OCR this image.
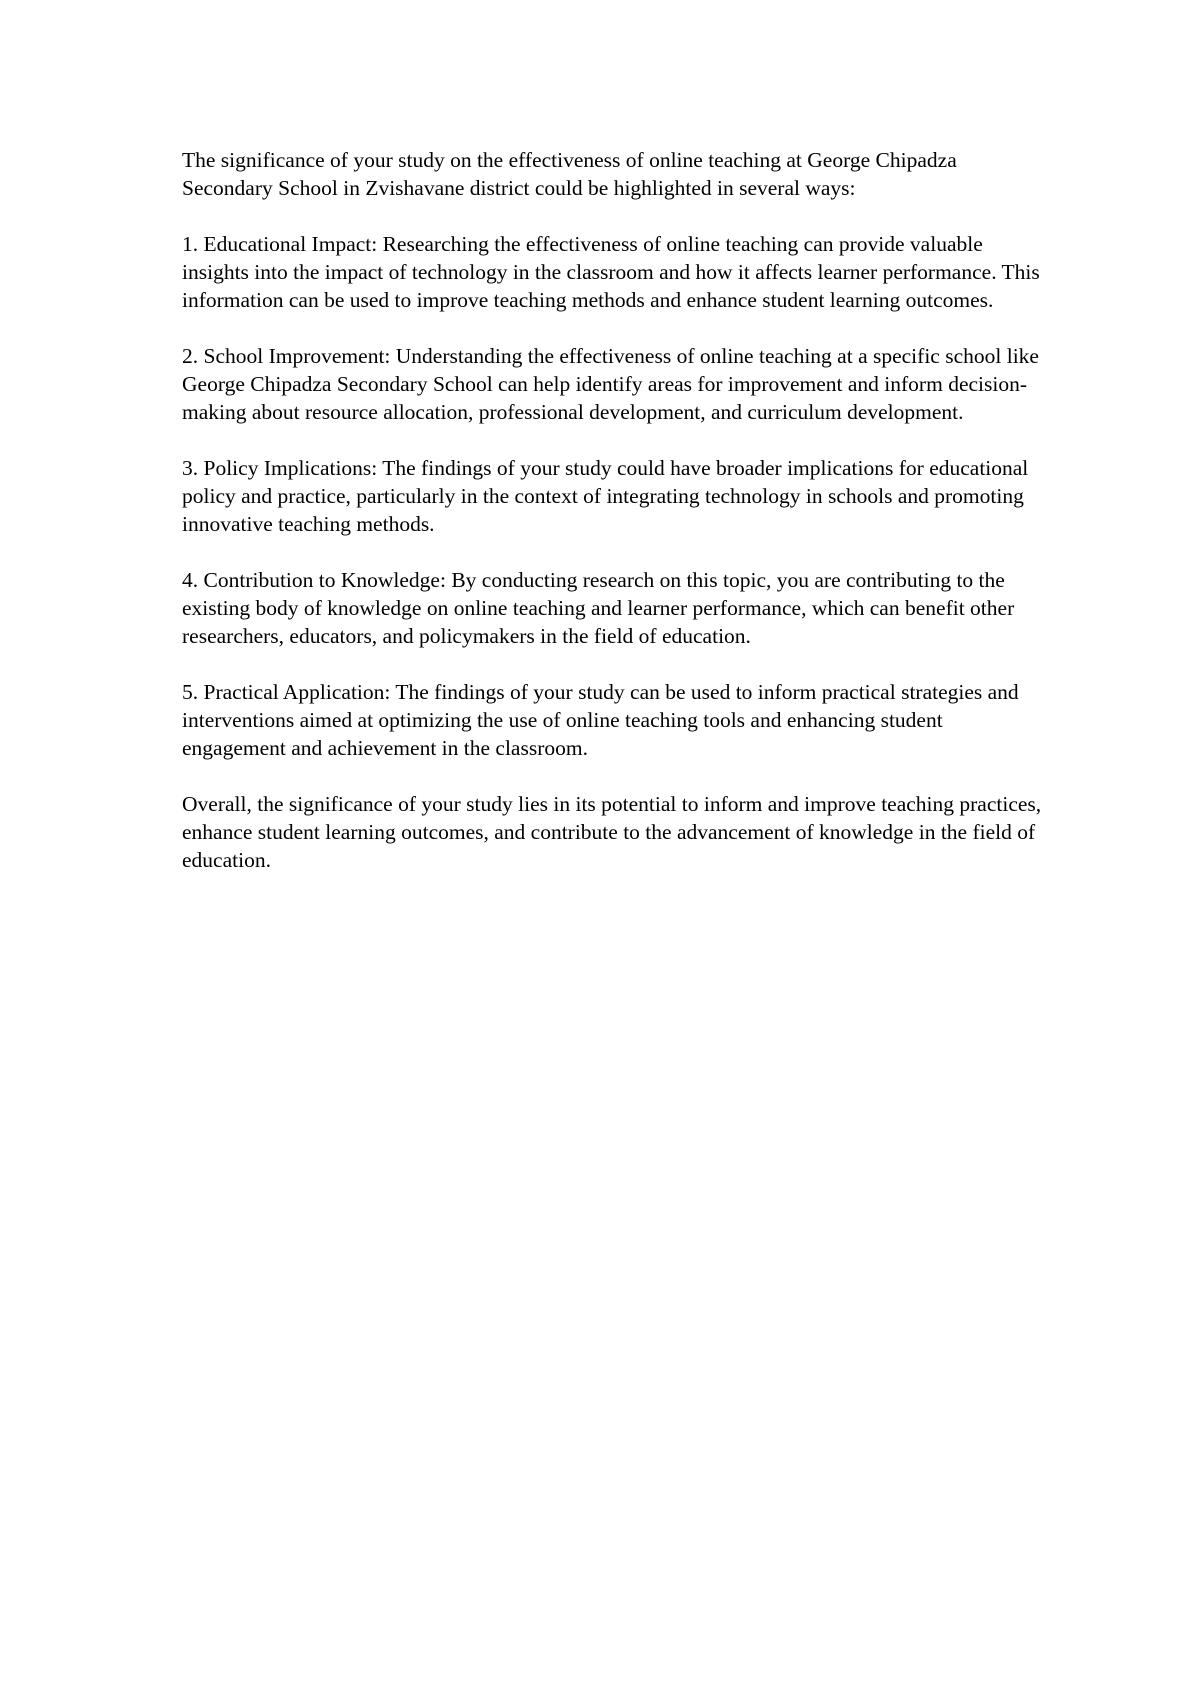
The significance of your study on the effectiveness of online teaching at George Chipadza Secondary School in Zvishavane district could be highlighted in several ways:

1. Educational Impact: Researching the effectiveness of online teaching can provide valuable insights into the impact of technology in the classroom and how it affects learner performance. This information can be used to improve teaching methods and enhance student learning outcomes.

2. School Improvement: Understanding the effectiveness of online teaching at a specific school like George Chipadza Secondary School can help identify areas for improvement and inform decision-making about resource allocation, professional development, and curriculum development.

3. Policy Implications: The findings of your study could have broader implications for educational policy and practice, particularly in the context of integrating technology in schools and promoting innovative teaching methods.

4. Contribution to Knowledge: By conducting research on this topic, you are contributing to the existing body of knowledge on online teaching and learner performance, which can benefit other researchers, educators, and policymakers in the field of education.

5. Practical Application: The findings of your study can be used to inform practical strategies and interventions aimed at optimizing the use of online teaching tools and enhancing student engagement and achievement in the classroom.

Overall, the significance of your study lies in its potential to inform and improve teaching practices, enhance student learning outcomes, and contribute to the advancement of knowledge in the field of education.
